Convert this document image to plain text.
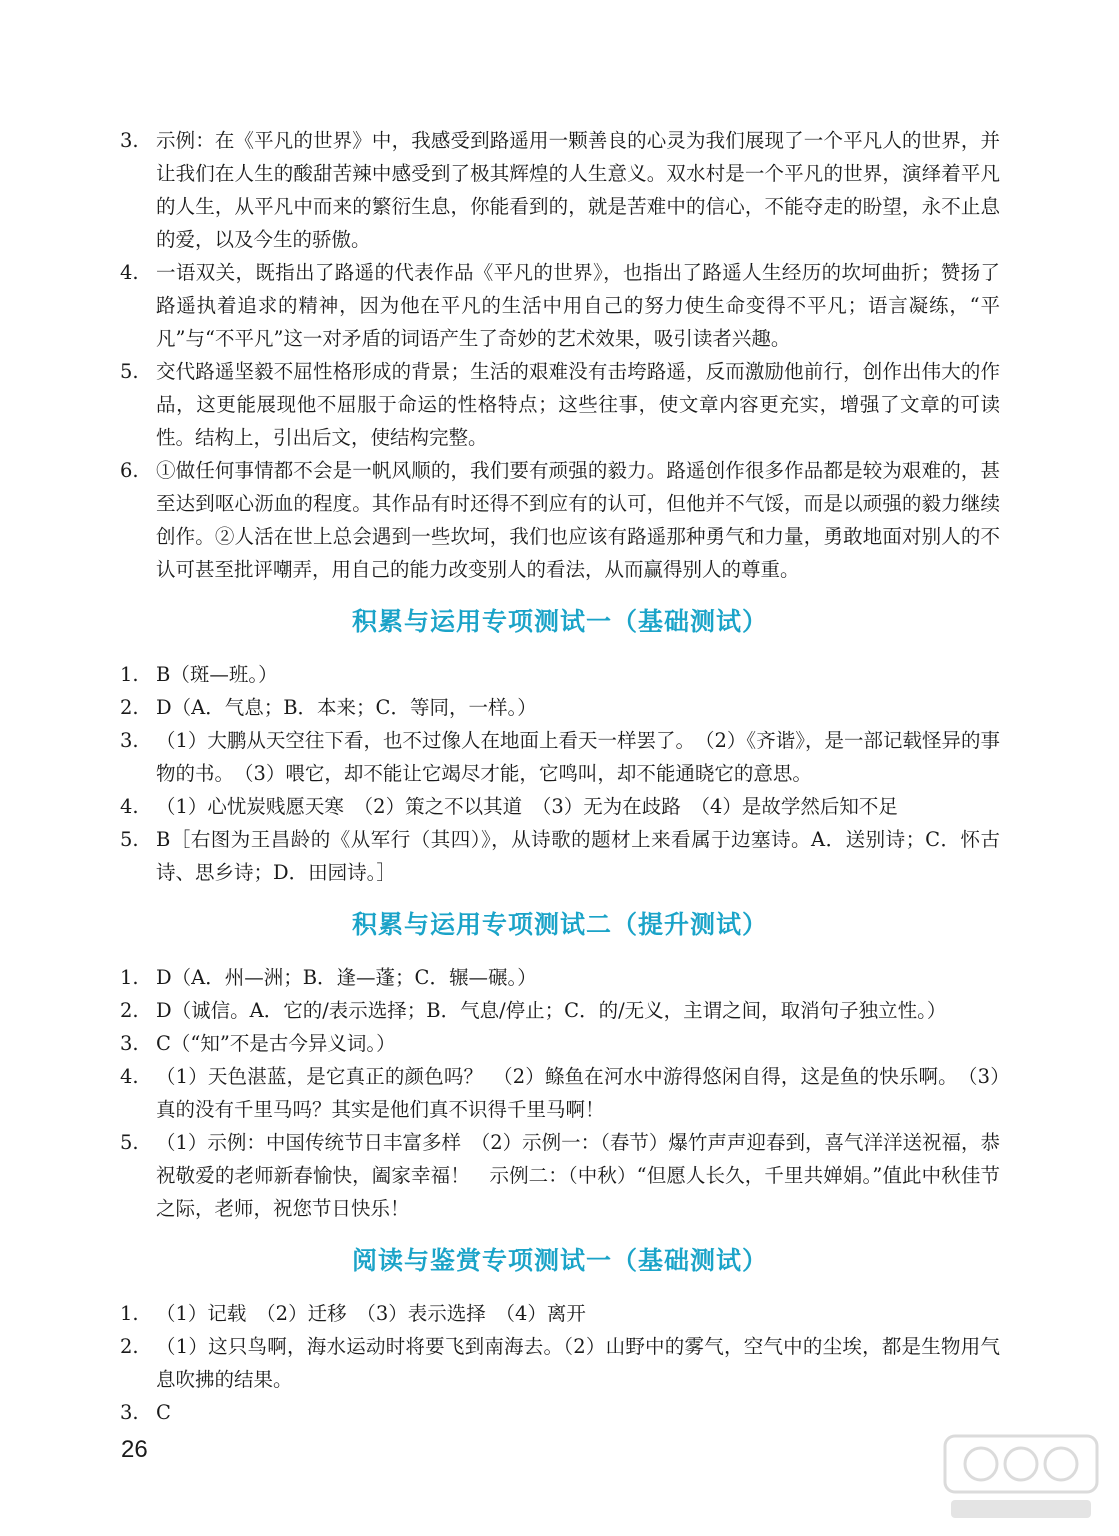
3. 示例：在《平凡的世界》中，我感受到路遥用一颗善良的心灵为我们展现了一个平凡人的世界，并让我们在人生的酸甜苦辣中感受到了极其辉煌的人生意义。双水村是一个平凡的世界，演绎着平凡的人生，从平凡中而来的繁衍生息，你能看到的，就是苦难中的信心，不能夺走的盼望，永不止息的爱，以及今生的骄傲。

4. 一语双关，既指出了路遥的代表作品《平凡的世界》，也指出了路遥人生经历的坎坷曲折；赞扬了路遥执着追求的精神，因为他在平凡的生活中用自己的努力使生命变得不平凡；语言凝练，“平凡”与“不平凡”这一对矛盾的词语产生了奇妙的艺术效果，吸引读者兴趣。

5. 交代路遥坚毅不屈性格形成的背景；生活的艰难没有击垮路遥，反而激励他前行，创作出伟大的作品，这更能展现他不屈服于命运的性格特点；这些往事，使文章内容更充实，增强了文章的可读性。结构上，引出后文，使结构完整。

6. ①做任何事情都不会是一帆风顺的，我们要有顽强的毅力。路遥创作很多作品都是较为艰难的，甚至达到呕心沥血的程度。其作品有时还得不到应有的认可，但他并不气馁，而是以顽强的毅力继续创作。②人活在世上总会遇到一些坎坷，我们也应该有路遥那种勇气和力量，勇敢地面对别人的不认可甚至批评嘲弄，用自己的能力改变别人的看法，从而赢得别人的尊重。

积累与运用专项测试一（基础测试）

1. B（斑—班。）

2. D（A．气息；B．本来；C．等同，一样。）

3. （1）大鹏从天空往下看，也不过像人在地面上看天一样罢了。　（2）《齐谐》，是一部记载怪异的事物的书。　（3）喂它，却不能让它竭尽才能，它鸣叫，却不能通晓它的意思。

4. （1）心忧炭贱愿天寒　（2）策之不以其道　（3）无为在歧路　（4）是故学然后知不足

5. B［右图为王昌龄的《从军行（其四）》，从诗歌的题材上来看属于边塞诗。A．送别诗；C．怀古诗、思乡诗；D．田园诗。］

积累与运用专项测试二（提升测试）

1. D（A．州—洲；B．逢—蓬；C．辗—碾。）

2. D（诚信。A．它的/表示选择；B．气息/停止；C．的/无义，主谓之间，取消句子独立性。）

3. C（“知”不是古今异义词。）

4. （1）天色湛蓝，是它真正的颜色吗？　（2）鲦鱼在河水中游得悠闲自得，这是鱼的快乐啊。　（3）真的没有千里马吗？其实是他们真不识得千里马啊！

5. （1）示例：中国传统节日丰富多样　（2）示例一：（春节）爆竹声声迎春到，喜气洋洋送祝福，恭祝敬爱的老师新春愉快，阖家幸福！　示例二：（中秋）“但愿人长久，千里共婵娟。”值此中秋佳节之际，老师，祝您节日快乐！

阅读与鉴赏专项测试一（基础测试）

1. （1）记载　（2）迁移　（3）表示选择　（4）离开

2. （1）这只鸟啊，海水运动时将要飞到南海去。（2）山野中的雾气，空气中的尘埃，都是生物用气息吹拂的结果。

3. C

26
